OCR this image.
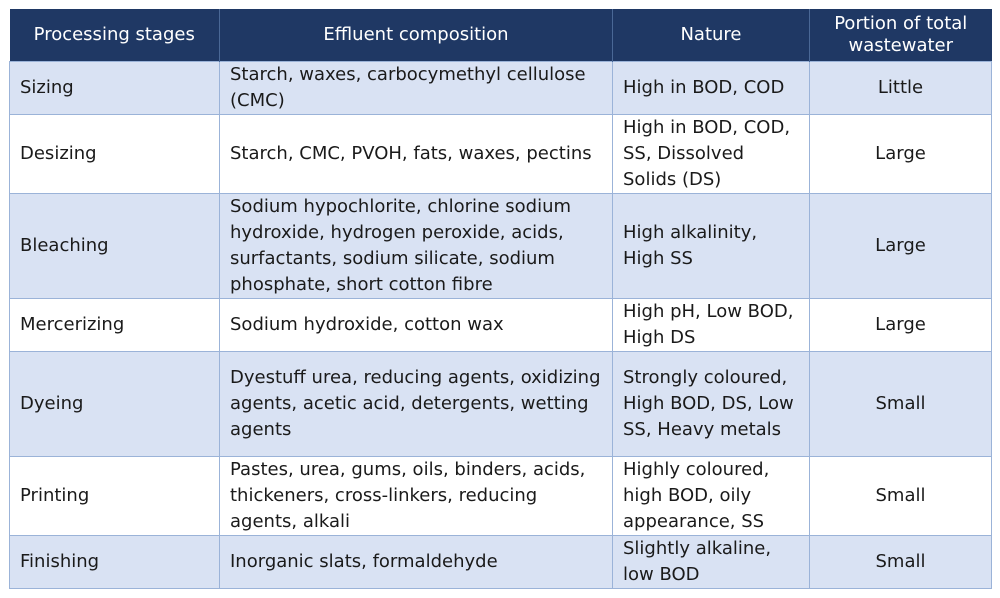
Processing stages	Effluent composition	Nature	Portion of total wastewater
Sizing	Starch, waxes, carbocymethyl cellulose (CMC)	High in BOD, COD	Little
Desizing	Starch, CMC, PVOH, fats, waxes, pectins	High in BOD, COD, SS, Dissolved Solids (DS)	Large
Bleaching	Sodium hypochlorite, chlorine sodium hydroxide, hydrogen peroxide, acids, surfactants, sodium silicate, sodium phosphate, short cotton fibre	High alkalinity, High SS	Large
Mercerizing	Sodium hydroxide, cotton wax	High pH, Low BOD, High DS	Large
Dyeing	Dyestuff urea, reducing agents, oxidizing agents, acetic acid, detergents, wetting agents	Strongly coloured, High BOD, DS, Low SS, Heavy metals	Small
Printing	Pastes, urea, gums, oils, binders, acids, thickeners, cross-linkers, reducing agents, alkali	Highly coloured, high BOD, oily appearance, SS	Small
Finishing	Inorganic slats, formaldehyde	Slightly alkaline, low BOD	Small
